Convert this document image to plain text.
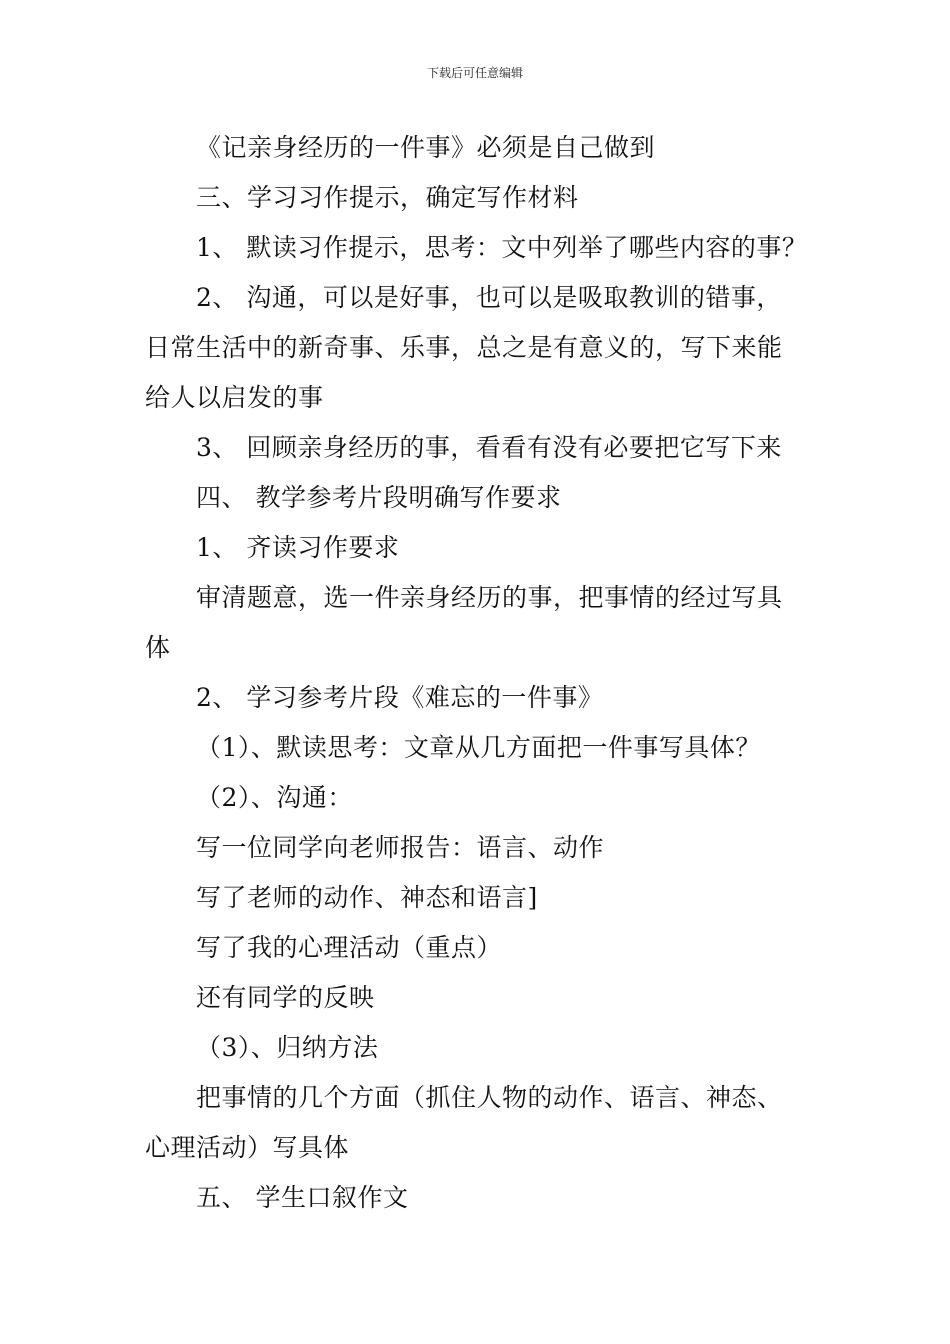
下载后可任意编辑
《记亲身经历的一件事》必须是自己做到
三、学习习作提示，确定写作材料
1、 默读习作提示，思考：文中列举了哪些内容的事？
2、 沟通，可以是好事，也可以是吸取教训的错事，
日常生活中的新奇事、乐事，总之是有意义的，写下来能
给人以启发的事
3、 回顾亲身经历的事，看看有没有必要把它写下来
四、 教学参考片段明确写作要求
1、 齐读习作要求
审清题意，选一件亲身经历的事，把事情的经过写具
体
2、 学习参考片段《难忘的一件事》
（1）、默读思考：文章从几方面把一件事写具体？
（2）、沟通：
写一位同学向老师报告：语言、动作
写了老师的动作、神态和语言]
写了我的心理活动（重点）
还有同学的反映
（3）、归纳方法
把事情的几个方面（抓住人物的动作、语言、神态、
心理活动）写具体
五、 学生口叙作文
